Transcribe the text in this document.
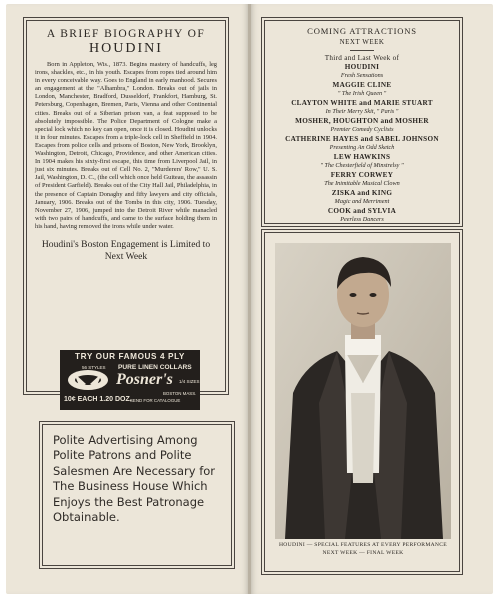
A BRIEF BIOGRAPHY OF
HOUDINI

Born in Appleton, Wis., 1873. Begins mastery of handcuffs, leg irons, shackles, etc., in his youth. Escapes from ropes tied around him in every conceivable way. Goes to England in early manhood. Secures an engagement at the "Alhambra," London. Breaks out of jails in London, Manchester, Bradford, Dusseldorf, Frankfort, Hamburg, St. Petersburg, Copenhagen, Bremen, Paris, Vienna and other Continental cities. Breaks out of a Siberian prison van, a feat supposed to be absolutely impossible. The Police Department of Cologne make a special lock which no key can open, once it is closed. Houdini unlocks it in four minutes. Escapes from a triple-lock cell in Sheffield in 1904. Escapes from police cells and prisons of Boston, New York, Brooklyn, Washington, Detroit, Chicago, Providence, and other American cities. In 1904 makes his sixty-first escape, this time from Liverpool Jail, in just six minutes. Breaks out of Cell No. 2, "Murderers' Row," U. S. Jail, Washington, D. C., (the cell which once held Guiteau, the assassin of President Garfield). Breaks out of the City Hall Jail, Philadelphia, in the presence of Captain Donaghy and fifty lawyers and city officials, January, 1906. Breaks out of the Tombs in this city, 1906. Tuesday, November 27, 1906, jumped into the Detroit River while manacled with two pairs of handcuffs, and came to the surface holding them in his hand, having removed the irons while under water.

Houdini's Boston Engagement is Limited to Next Week
TRY OUR FAMOUS 4 PLY
56 STYLES PURE LINEN COLLARS
Posner's 1/4 SIZES
BOSTON MASS.
10¢ EACH 1.20 DOZ.
SEND FOR CATALOGUE

Polite Advertising Among Polite Patrons and Polite Salesmen Are Necessary for The Business House Which Enjoys the Best Patronage Obtainable.

COMING ATTRACTIONS
NEXT WEEK
Third and Last Week of
HOUDINI
Fresh Sensations
MAGGIE CLINE
" The Irish Queen "
CLAYTON WHITE and MARIE STUART
In Their Merry Skit, " Paris "
MOSHER, HOUGHTON and MOSHER
Premier Comedy Cyclists
CATHERINE HAYES and SABEL JOHNSON
Presenting An Odd Sketch
LEW HAWKINS
" The Chesterfield of Minstrelsy "
FERRY CORWEY
The Inimitable Musical Clown
ZISKA and KING
Magic and Merriment
COOK and SYLVIA
Peerless Dancers
HOUDINI — SPECIAL FEATURES AT EVERY PERFORMANCE NEXT WEEK — FINAL WEEK
